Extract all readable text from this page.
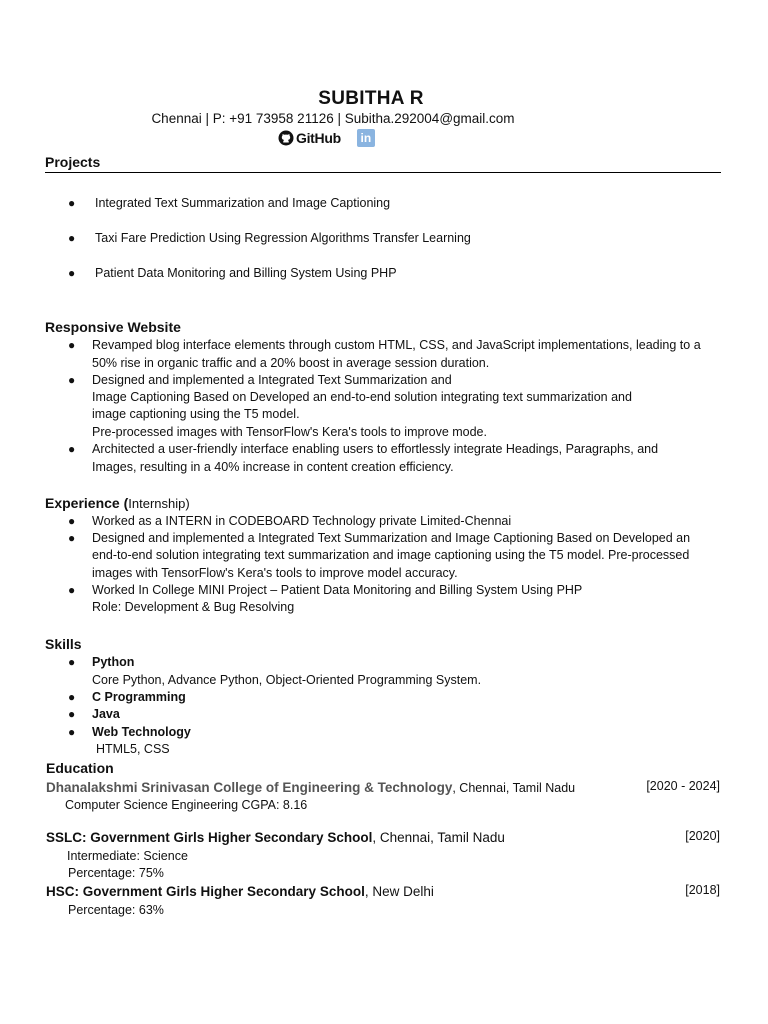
SUBITHA R
Chennai | P: +91 73958 21126 | Subitha.292004@gmail.com
GitHub	in
Projects
● Integrated Text Summarization and Image Captioning
● Taxi Fare Prediction Using Regression Algorithms Transfer Learning
● Patient Data Monitoring and Billing System Using PHP
Responsive Website
● Revamped blog interface elements through custom HTML, CSS, and JavaScript implementations, leading to a
50% rise in organic traffic and a 20% boost in average session duration.
● Designed and implemented a Integrated Text Summarization and
Image Captioning Based on Developed an end-to-end solution integrating text summarization and
image captioning using the T5 model.
Pre-processed images with TensorFlow's Kera's tools to improve mode.
● Architected a user-friendly interface enabling users to effortlessly integrate Headings, Paragraphs, and
Images, resulting in a 40% increase in content creation efficiency.
Experience (Internship)
● Worked as a INTERN in CODEBOARD Technology private Limited-Chennai
● Designed and implemented a Integrated Text Summarization and Image Captioning Based on Developed an
end-to-end solution integrating text summarization and image captioning using the T5 model. Pre-processed
images with TensorFlow's Kera's tools to improve model accuracy.
● Worked In College MINI Project – Patient Data Monitoring and Billing System Using PHP
Role: Development & Bug Resolving
Skills
● Python
Core Python, Advance Python, Object-Oriented Programming System.
● C Programming
● Java
● Web Technology
HTML5, CSS
Education
Dhanalakshmi Srinivasan College of Engineering & Technology, Chennai, Tamil Nadu	[2020 - 2024]
Computer Science Engineering CGPA: 8.16
SSLC: Government Girls Higher Secondary School, Chennai, Tamil Nadu	[2020]
Intermediate: Science
Percentage: 75%
HSC: Government Girls Higher Secondary School, New Delhi	[2018]
Percentage: 63%
